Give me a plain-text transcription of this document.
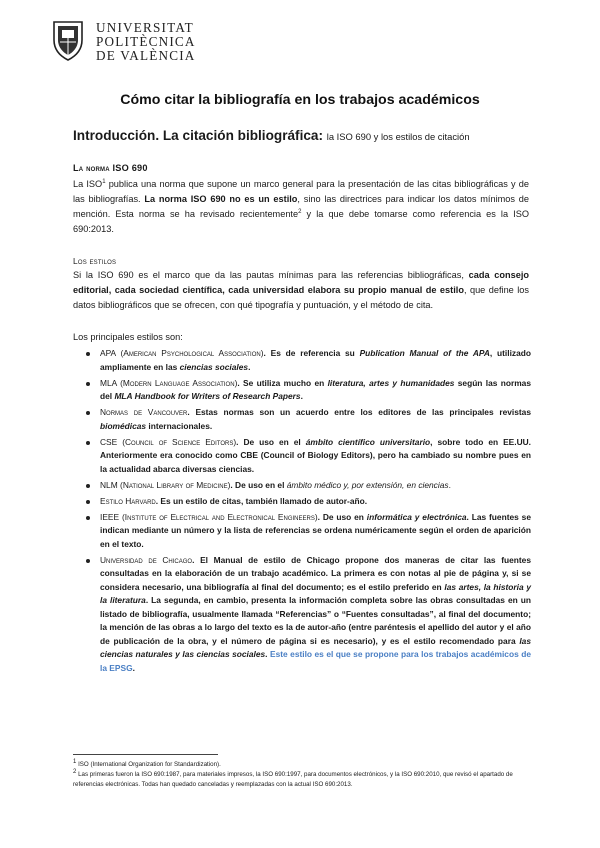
UNIVERSITAT
POLITÈCNICA
DE VALÈNCIA
Cómo citar la bibliografía en los trabajos académicos
Introducción. La citación bibliográfica: la ISO 690 y los estilos de citación
La norma ISO 690
La ISO$^1$ publica una norma que supone un marco general para la presentación de las citas bibliográficas y de las bibliografías. La norma ISO 690 no es un estilo, sino las directrices para indicar los datos mínimos de mención. Esta norma se ha revisado recientemente$^2$ y la que debe tomarse como referencia es la ISO 690:2013.
Los estilos
Si la ISO 690 es el marco que da las pautas mínimas para las referencias bibliográficas, cada consejo editorial, cada sociedad científica, cada universidad elabora su propio manual de estilo, que define los datos bibliográficos que se ofrecen, con qué tipografía y puntuación, y el método de cita.
Los principales estilos son:
APA (American Psychological Association). Es de referencia su Publication Manual of the APA, utilizado ampliamente en las ciencias sociales.
MLA (Modern Language Association). Se utiliza mucho en literatura, artes y humanidades según las normas del MLA Handbook for Writers of Research Papers.
Normas de Vancouver. Estas normas son un acuerdo entre los editores de las principales revistas biomédicas internacionales.
CSE (Council of Science Editors). De uso en el ámbito científico universitario, sobre todo en EE.UU. Anteriormente era conocido como CBE (Council of Biology Editors), pero ha cambiado su nombre pues en la actualidad abarca diversas ciencias.
NLM (National Library of Medicine). De uso en el ámbito médico y, por extensión, en ciencias.
Estilo Harvard. Es un estilo de citas, también llamado de autor-año.
IEEE (Institute of Electrical and Electronical Engineers). De uso en informática y electrónica. Las fuentes se indican mediante un número y la lista de referencias se ordena numéricamente según el orden de aparición en el texto.
Universidad de Chicago. El Manual de estilo de Chicago propone dos maneras de citar las fuentes consultadas en la elaboración de un trabajo académico. La primera es con notas al pie de página y, si se considera necesario, una bibliografía al final del documento; es el estilo preferido en las artes, la historia y la literatura. La segunda, en cambio, presenta la información completa sobre las obras consultadas en un listado de bibliografía, usualmente llamada “Referencias” o “Fuentes consultadas”, al final del documento; la mención de las obras a lo largo del texto es la de autor-año (entre paréntesis el apellido del autor y el año de publicación de la obra, y el número de página si es necesario), y es el estilo recomendado para las ciencias naturales y las ciencias sociales. Este estilo es el que se propone para los trabajos académicos de la EPSG.
$^1$ ISO (International Organization for Standardization).
$^2$ Las primeras fueron la ISO 690:1987, para materiales impresos, la ISO 690:1997, para documentos electrónicos, y la ISO 690:2010, que revisó el apartado de referencias electrónicas. Todas han quedado canceladas y reemplazadas con la actual ISO 690:2013.
